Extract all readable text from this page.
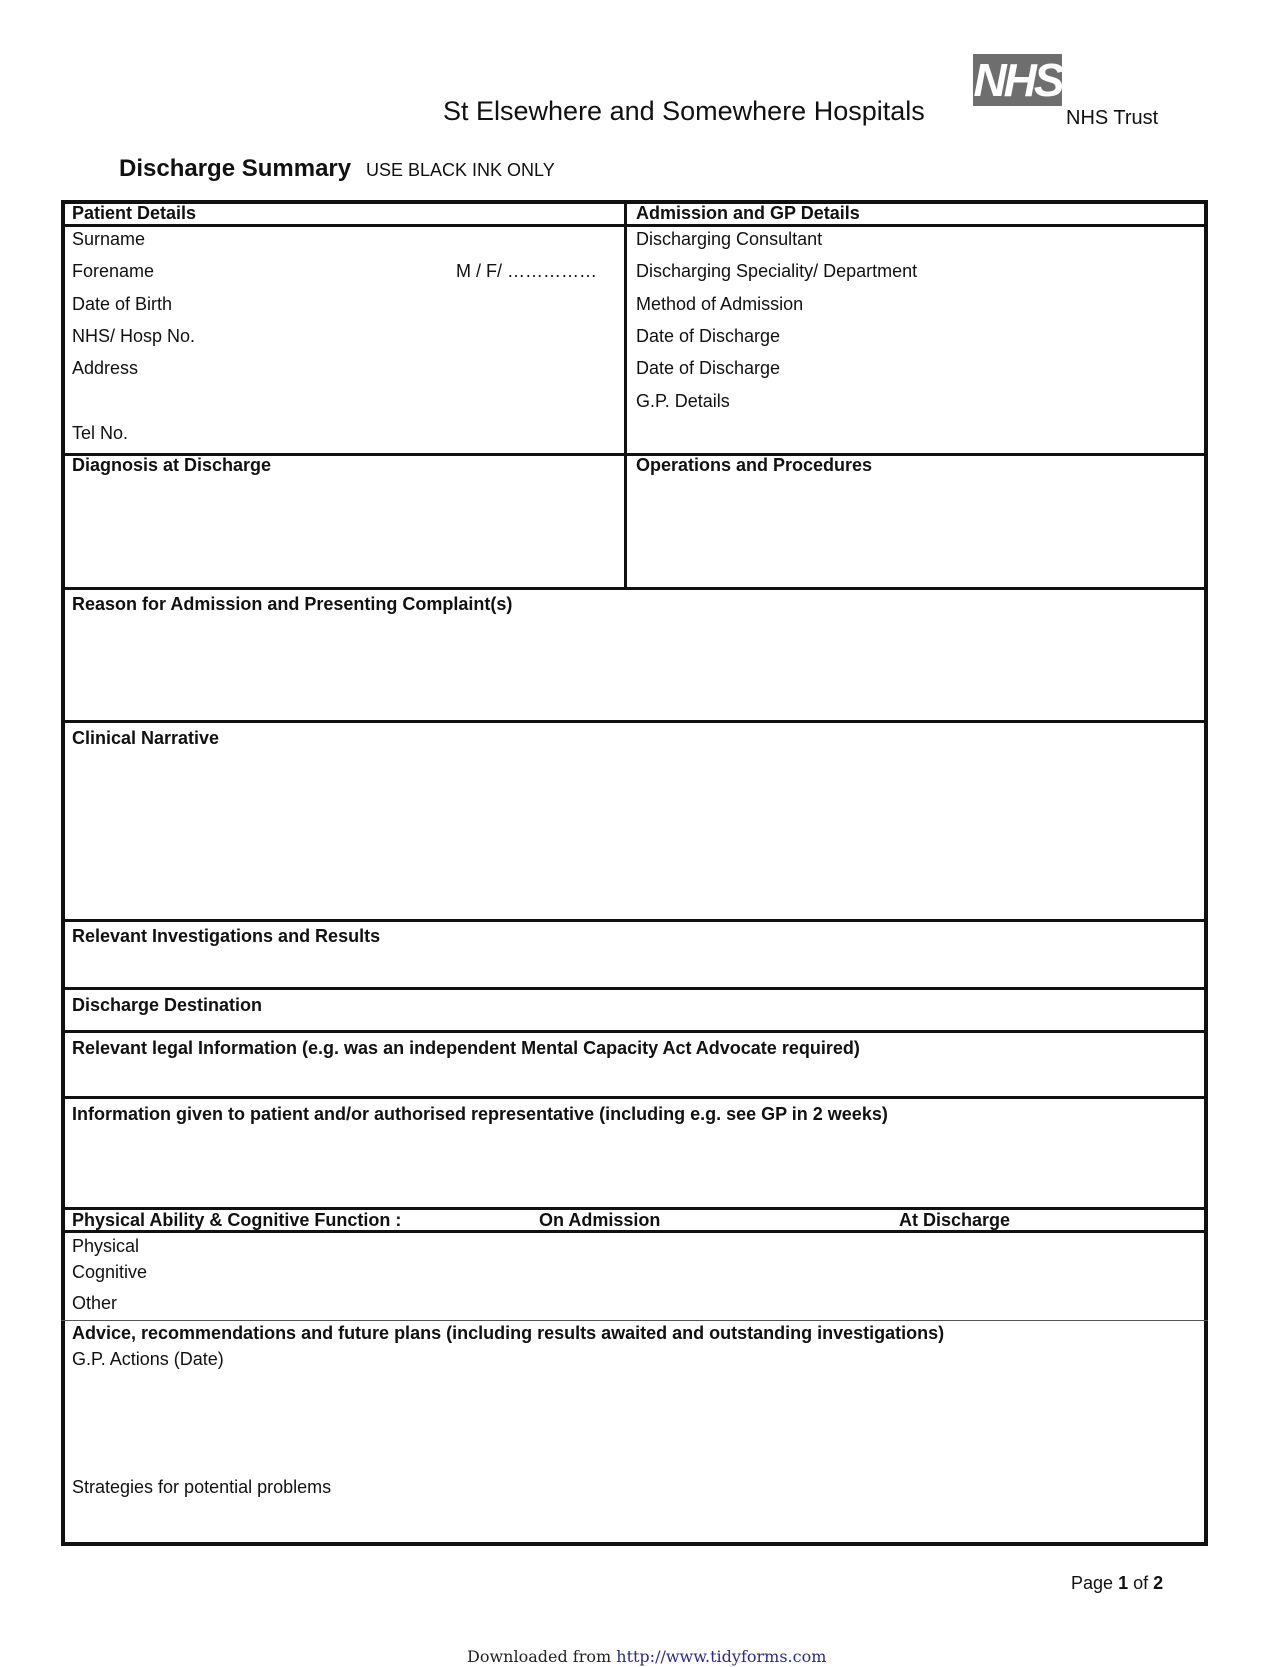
St Elsewhere and Somewhere Hospitals
NHS
NHS Trust
Discharge Summary USE BLACK INK ONLY
Patient Details
Surname
Forename	M / F/ ……………
Date of Birth
NHS/ Hosp No.
Address
Tel No.
Admission and GP Details
Discharging Consultant
Discharging Speciality/ Department
Method of Admission
Date of Discharge
Date of Discharge
G.P. Details
Diagnosis at Discharge	Operations and Procedures
Reason for Admission and Presenting Complaint(s)
Clinical Narrative
Relevant Investigations and Results
Discharge Destination
Relevant legal Information (e.g. was an independent Mental Capacity Act Advocate required)
Information given to patient and/or authorised representative (including e.g. see GP in 2 weeks)
Physical Ability & Cognitive Function :	On Admission	At Discharge
Physical
Cognitive
Other
Advice, recommendations and future plans (including results awaited and outstanding investigations)
G.P. Actions (Date)
Strategies for potential problems
Page 1 of 2
Downloaded from http://www.tidyforms.com
